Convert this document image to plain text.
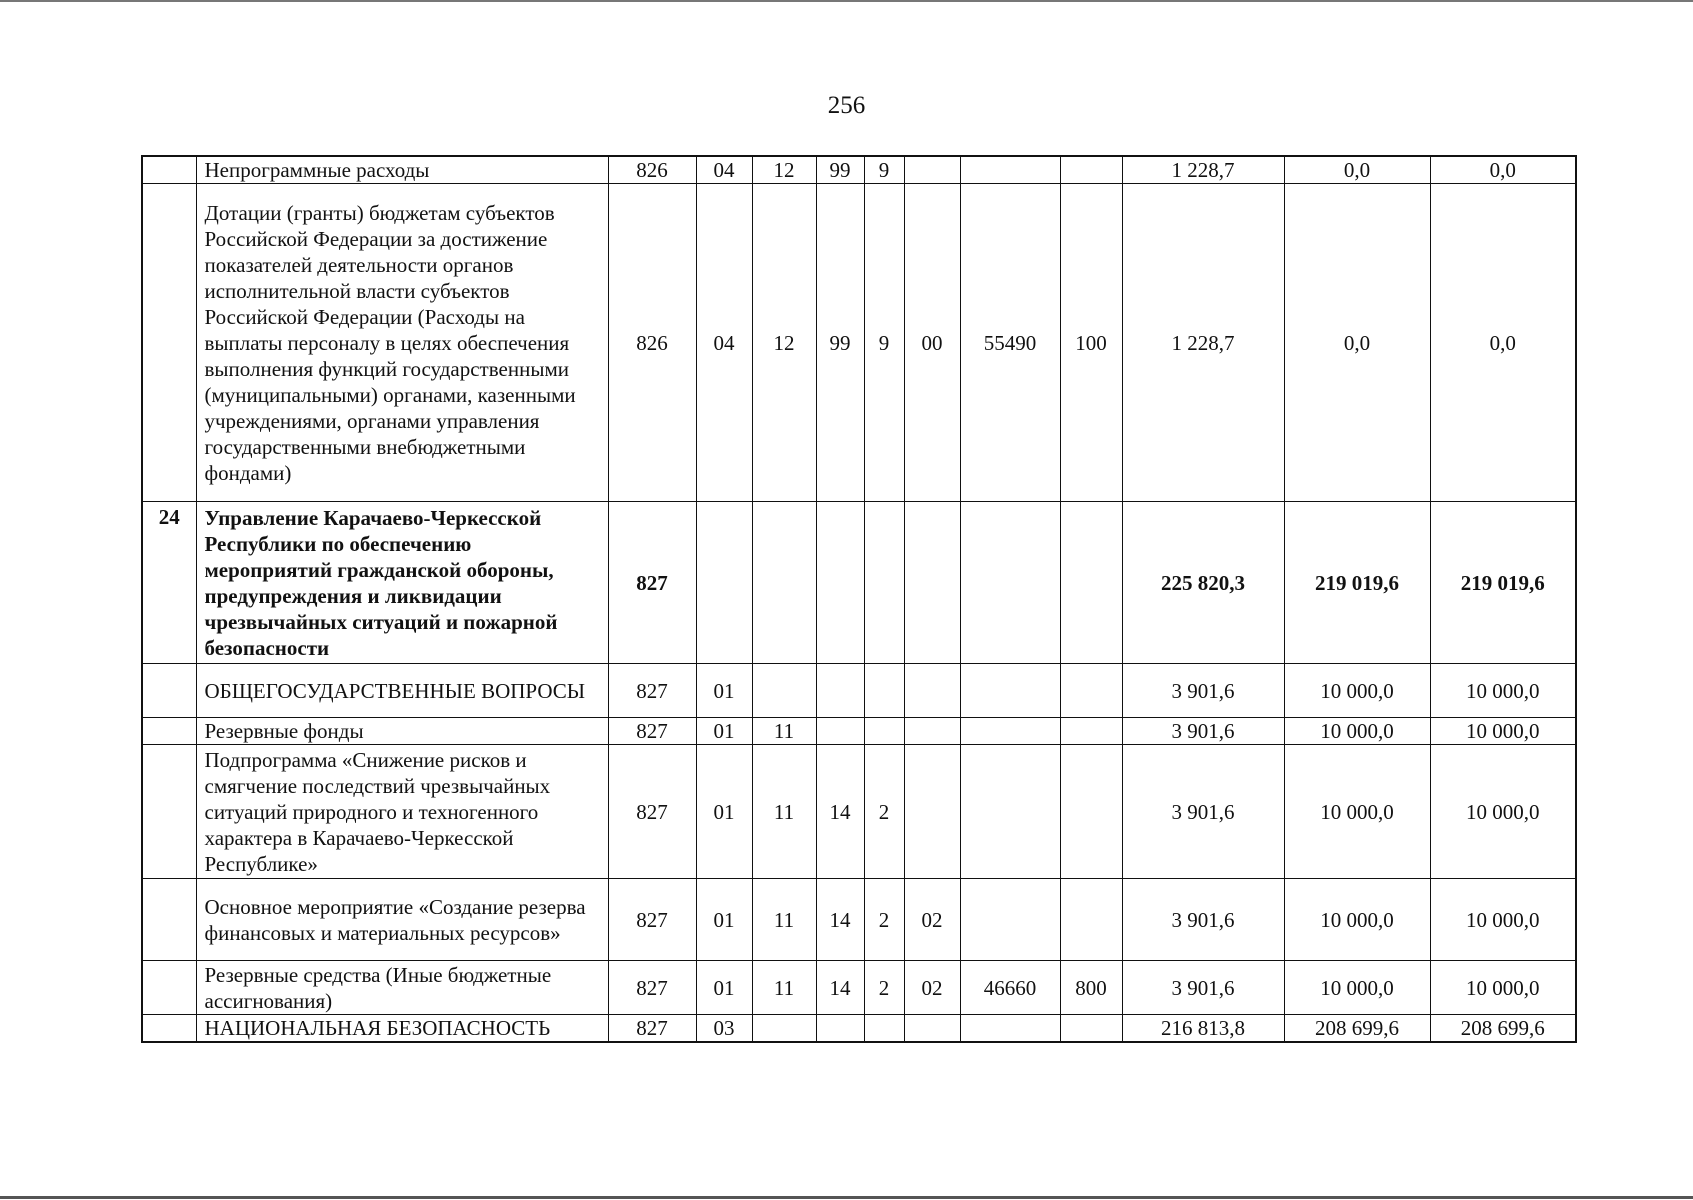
256
	Непрограммные расходы	826	04	12	99	9				1 228,7	0,0	0,0
	Дотации (гранты) бюджетам субъектов Российской Федерации за достижение показателей деятельности органов исполнительной власти субъектов Российской Федерации (Расходы на выплаты персоналу в целях обеспечения выполнения функций государственными (муниципальными) органами, казенными учреждениями, органами управления государственными внебюджетными фондами)	826	04	12	99	9	00	55490	100	1 228,7	0,0	0,0
24	Управление Карачаево-Черкесской Республики по обеспечению мероприятий гражданской обороны, предупреждения и ликвидации чрезвычайных ситуаций и пожарной безопасности	827								225 820,3	219 019,6	219 019,6
	ОБЩЕГОСУДАРСТВЕННЫЕ ВОПРОСЫ	827	01							3 901,6	10 000,0	10 000,0
	Резервные фонды	827	01	11						3 901,6	10 000,0	10 000,0
	Подпрограмма «Снижение рисков и смягчение последствий чрезвычайных ситуаций природного и техногенного характера в Карачаево-Черкесской Республике»	827	01	11	14	2				3 901,6	10 000,0	10 000,0
	Основное мероприятие «Создание резерва финансовых и материальных ресурсов»	827	01	11	14	2	02			3 901,6	10 000,0	10 000,0
	Резервные средства (Иные бюджетные ассигнования)	827	01	11	14	2	02	46660	800	3 901,6	10 000,0	10 000,0
	НАЦИОНАЛЬНАЯ БЕЗОПАСНОСТЬ	827	03							216 813,8	208 699,6	208 699,6
